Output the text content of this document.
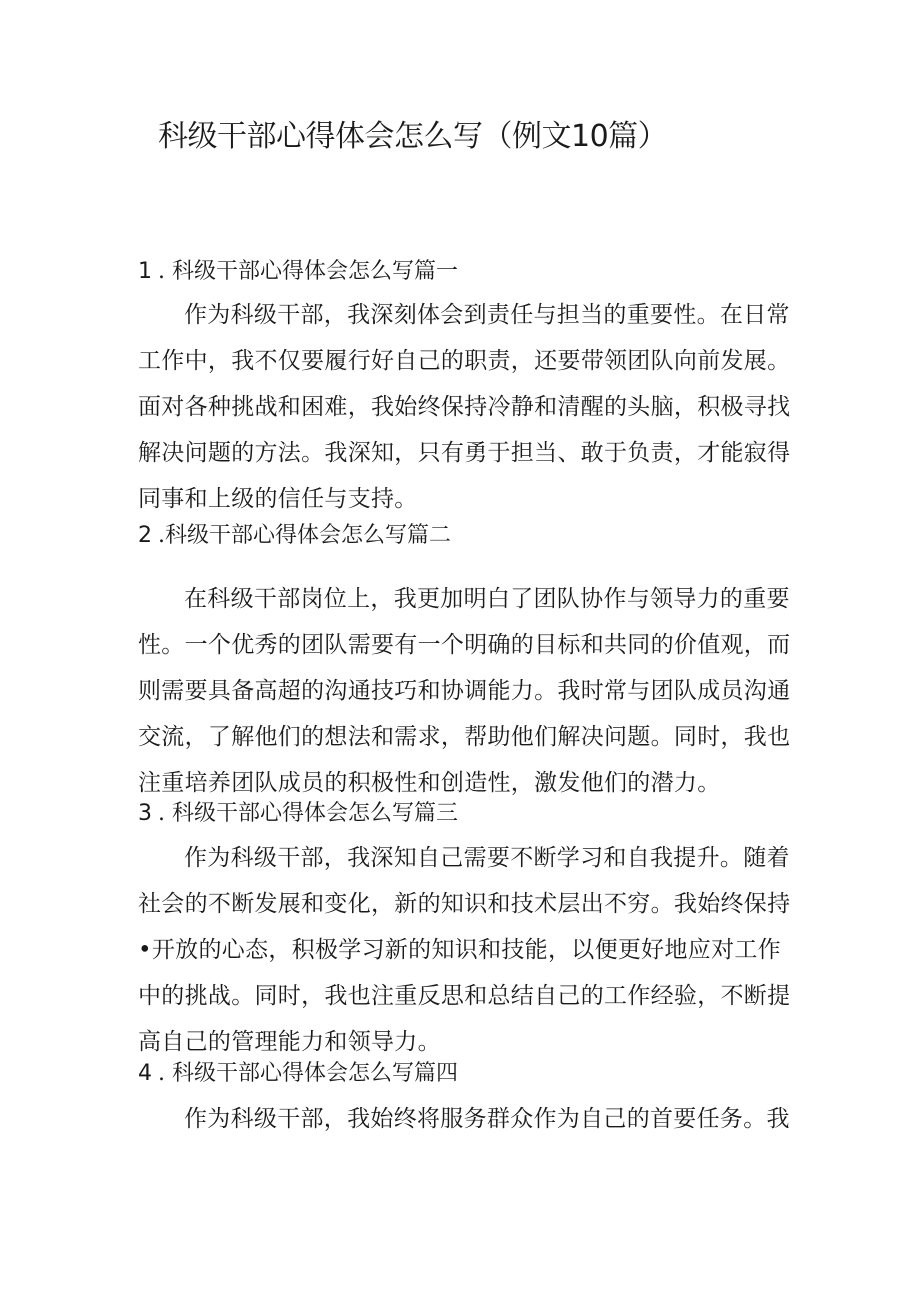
科级干部心得体会怎么写（例文10篇）
1 . 科级干部心得体会怎么写篇一
作为科级干部，我深刻体会到责任与担当的重要性。在日常
工作中，我不仅要履行好自己的职责，还要带领团队向前发展。
面对各种挑战和困难，我始终保持冷静和清醒的头脑，积极寻找
解决问题的方法。我深知，只有勇于担当、敢于负责，才能寂得
同事和上级的信任与支持。
2 .科级干部心得体会怎么写篇二
在科级干部岗位上，我更加明白了团队协作与领导力的重要
性。一个优秀的团队需要有一个明确的目标和共同的价值观，而
则需要具备高超的沟通技巧和协调能力。我时常与团队成员沟通
交流，了解他们的想法和需求，帮助他们解决问题。同时，我也
注重培养团队成员的积极性和创造性，激发他们的潜力。
3 . 科级干部心得体会怎么写篇三
作为科级干部，我深知自己需要不断学习和自我提升。随着
社会的不断发展和变化，新的知识和技术层出不穷。我始终保持
•开放的心态，积极学习新的知识和技能，以便更好地应对工作
中的挑战。同时，我也注重反思和总结自己的工作经验，不断提
高自己的管理能力和领导力。
4 . 科级干部心得体会怎么写篇四
作为科级干部，我始终将服务群众作为自己的首要任务。我
